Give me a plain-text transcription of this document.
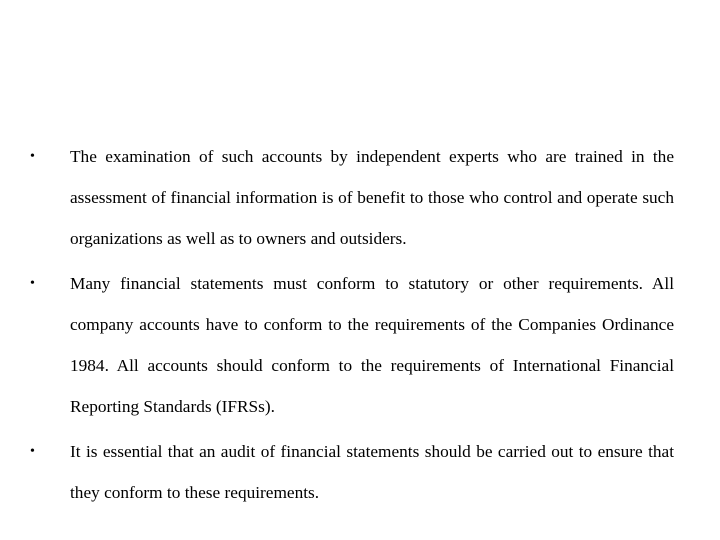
•	The examination of such accounts by independent experts who are trained in the assessment of financial information is of benefit to those who control and operate such organizations as well as to owners and outsiders.
•	Many financial statements must conform to statutory or other requirements. All company accounts have to conform to the requirements of the Companies Ordinance 1984. All accounts should conform to the requirements of International Financial Reporting Standards (IFRSs).
•	It is essential that an audit of financial statements should be carried out to ensure that they conform to these requirements.
